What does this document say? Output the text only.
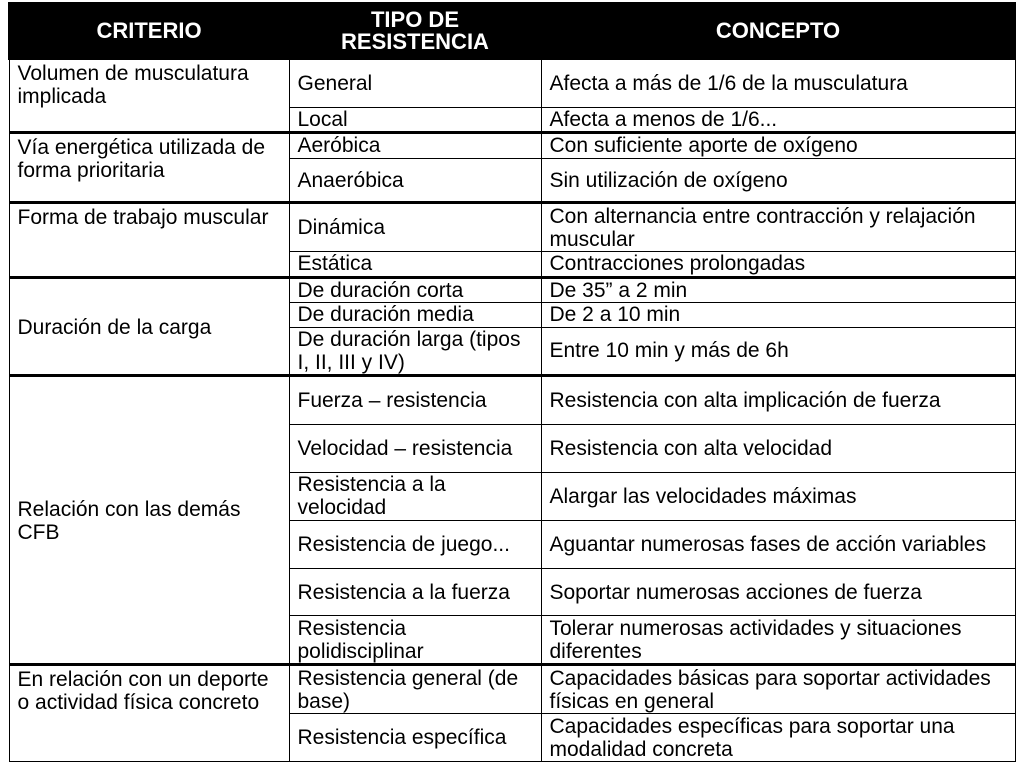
CRITERIO	TIPO DE RESISTENCIA	CONCEPTO
Volumen de musculatura implicada	General	Afecta a más de 1/6 de la musculatura
	Local	Afecta a menos de 1/6...
Vía energética utilizada de forma prioritaria	Aeróbica	Con suficiente aporte de oxígeno
	Anaeróbica	Sin utilización de oxígeno
Forma de trabajo muscular	Dinámica	Con alternancia entre contracción y relajación muscular
	Estática	Contracciones prolongadas
Duración de la carga	De duración corta	De 35” a 2 min
	De duración media	De 2 a 10 min
	De duración larga (tipos I, II, III y IV)	Entre 10 min y más de 6h
Relación con las demás CFB	Fuerza – resistencia	Resistencia con alta implicación de fuerza
	Velocidad – resistencia	Resistencia con alta velocidad
	Resistencia a la velocidad	Alargar las velocidades máximas
	Resistencia de juego...	Aguantar numerosas fases de acción variables
	Resistencia a la fuerza	Soportar numerosas acciones de fuerza
	Resistencia polidisciplinar	Tolerar numerosas actividades y situaciones diferentes
En relación con un deporte o actividad física concreto	Resistencia general (de base)	Capacidades básicas para soportar actividades físicas en general
	Resistencia específica	Capacidades específicas para soportar una modalidad concreta
